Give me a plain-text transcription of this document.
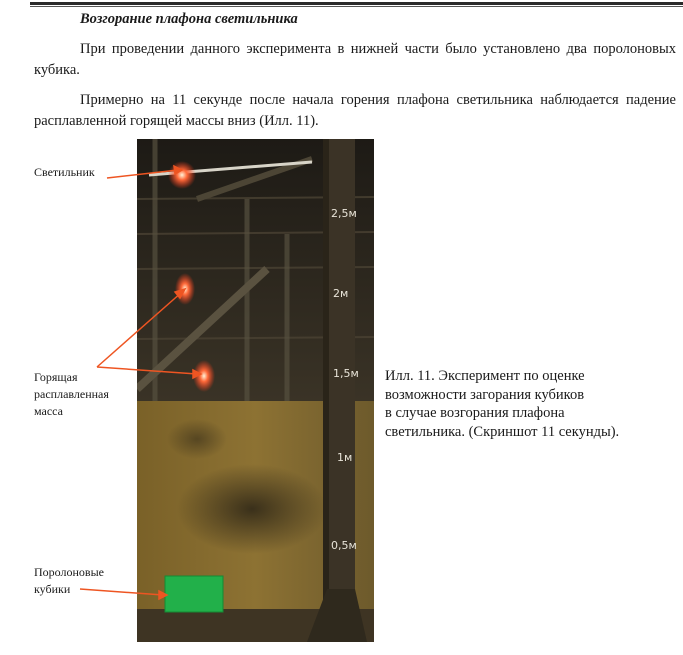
Возгорание плафона светильника
При проведении данного эксперимента в нижней части было установлено два поролоновых кубика.
Примерно на 11 секунде после начала горения плафона светильника наблюдается падение расплавленной горящей массы вниз (Илл. 11).
2,5м
2м
1,5м
1м
0,5м
Светильник
Горящая
расплавленная
масса
Поролоновые
кубики
Илл. 11. Эксперимент по оценке
возможности загорания кубиков
в случае возгорания плафона
светильника. (Скриншот 11 секунды).
